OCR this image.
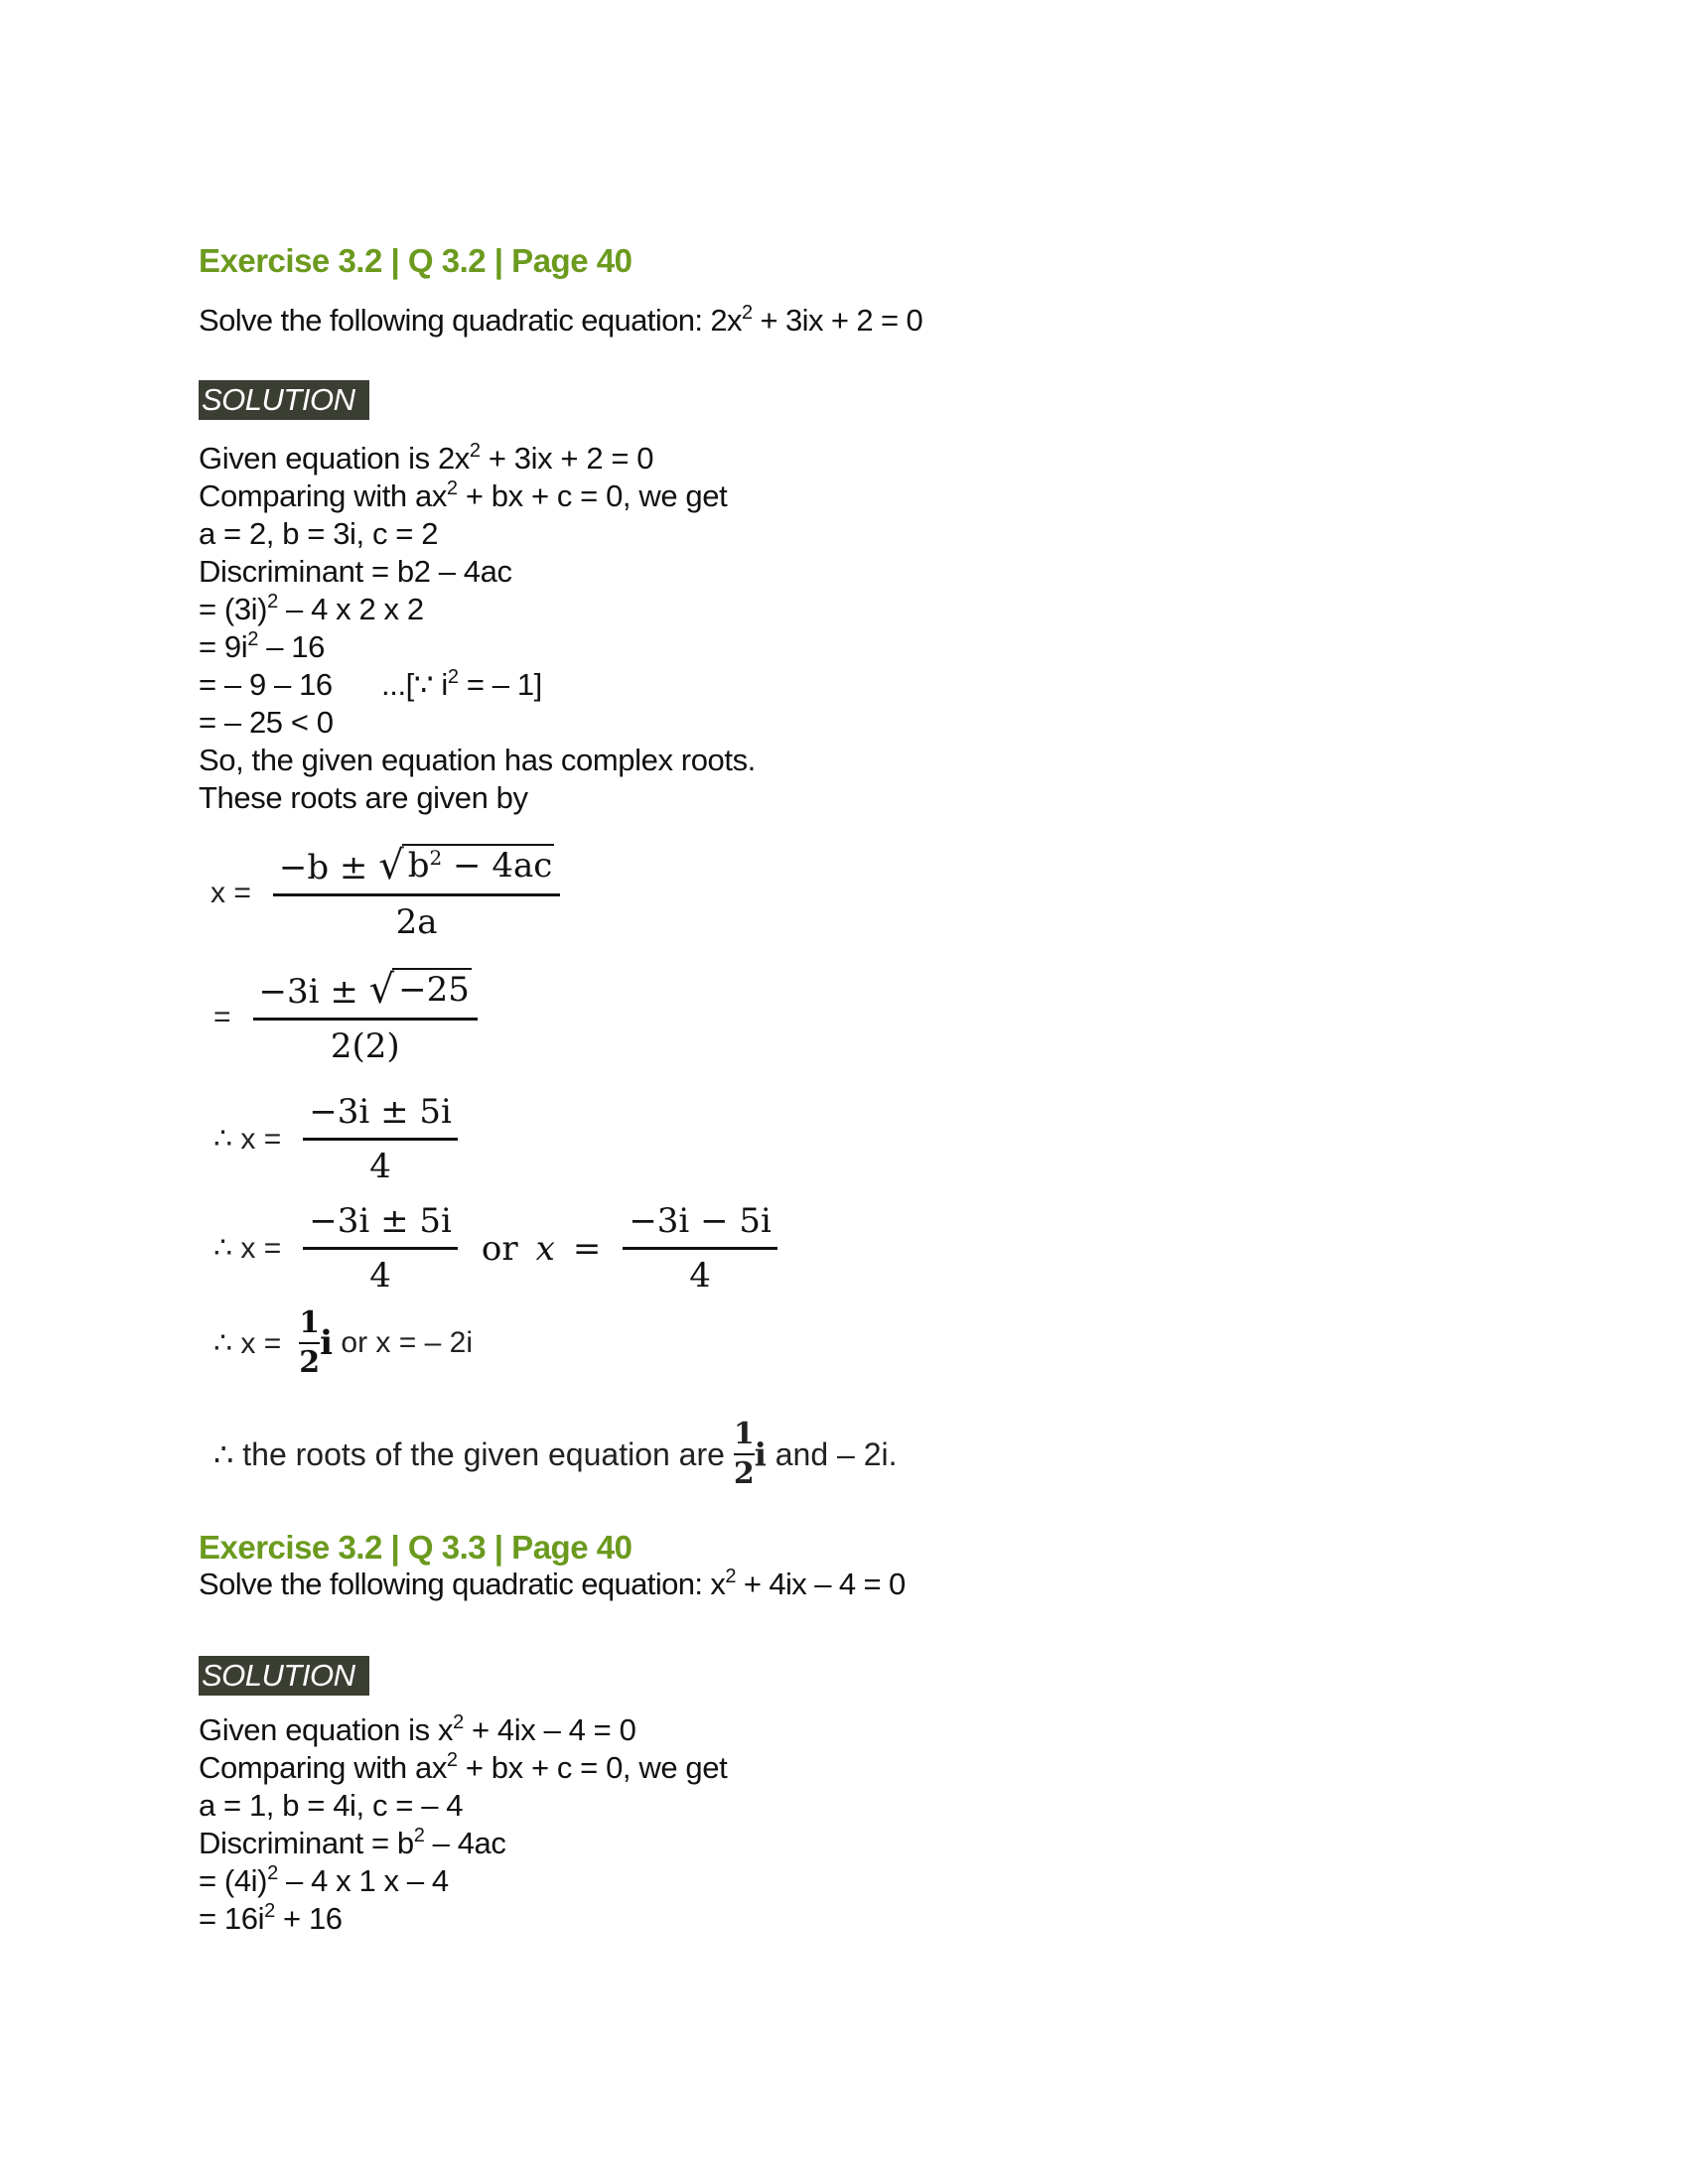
Exercise 3.2 | Q 3.2 | Page 40
Solve the following quadratic equation: $2x^2 + 3ix + 2 = 0$
SOLUTION
Given equation is $2x^2 + 3ix + 2 = 0$
Comparing with $ax^2$ + bx + c = 0, we get
a = 2, b = 3i, c = 2
Discriminant = b2 – 4ac
= $(3i)^2 - 4$ x 2 x 2
= $9i^2 - 16$
= – 9 – 16      ...[∵ $i^2$ = – 1]
= – 25 < 0
So, the given equation has complex roots.
These roots are given by
$x = \frac{-b \pm √ b^2 - 4ac}{2a}$
= $\frac{-3i \pm √ -25}{2(2)}$
∴ $x = \frac{-3i \pm 5i}{4}$
∴ $x = \frac{-3i \pm 5i}{4}$ or $x = \frac{-3i - 5i}{4}$
∴ $x = \frac{1}{2}$ i or x = – 2i
∴ the roots of the given equation are $\frac{1}{2}$ i and – 2i.
Exercise 3.2 | Q 3.3 | Page 40
Solve the following quadratic equation: $x^2 + 4ix - 4 = 0$
SOLUTION
Given equation is $x^2 + 4ix - 4 = 0$
Comparing with $ax^2$ + bx + c = 0, we get
a = 1, b = 4i, c = – 4
Discriminant = $b^2 - 4ac$
= $(4i)^2 - 4$ x 1 x – 4
= $16i^2 + 16$
